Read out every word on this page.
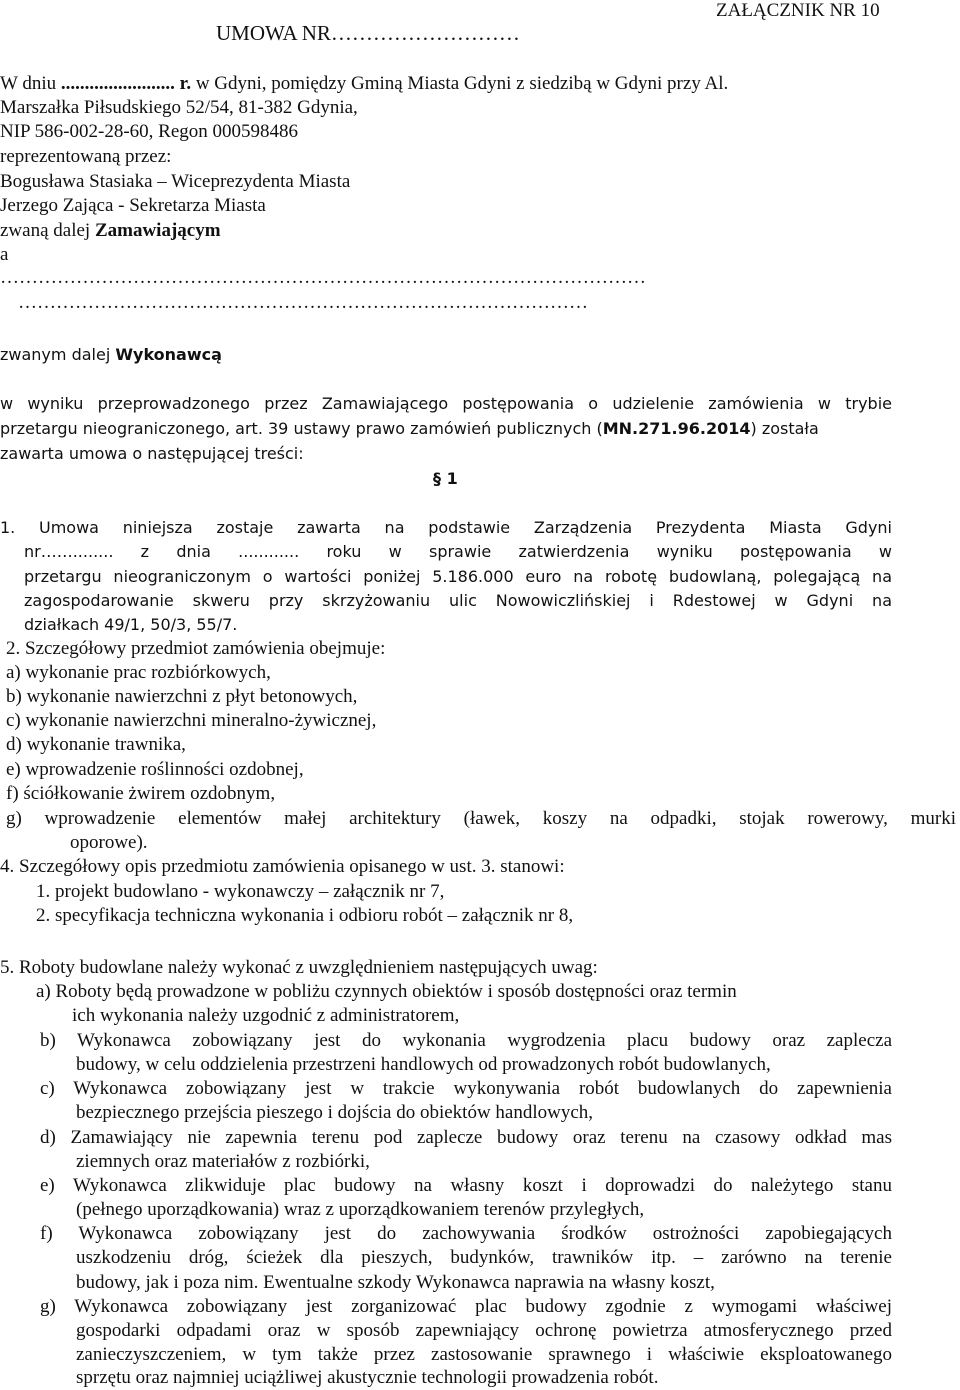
UMOWA NR………………………
ZAŁĄCZNIK NR 10
W dniu ........................ r. w Gdyni, pomiędzy Gminą Miasta Gdyni z siedzibą w Gdyni przy Al.
Marszałka Piłsudskiego 52/54, 81-382 Gdynia,
NIP 586-002-28-60, Regon 000598486
reprezentowaną przez:
Bogusława Stasiaka – Wiceprezydenta Miasta
Jerzego Zająca - Sekretarza Miasta
zwaną dalej Zamawiającym
a
…………………………………………………………………………………………
………………………………………………………………………………
zwanym dalej Wykonawcą
w wyniku przeprowadzonego przez Zamawiającego postępowania o udzielenie zamówienia w trybie
przetargu nieograniczonego, art. 39 ustawy prawo zamówień publicznych (MN.271.96.2014) została
zawarta umowa o następującej treści:
§ 1
1. Umowa niniejsza zostaje zawarta na podstawie Zarządzenia Prezydenta Miasta Gdyni
nr……........ z dnia ............ roku w sprawie zatwierdzenia wyniku postępowania w
przetargu nieograniczonym o wartości poniżej 5.186.000 euro na robotę budowlaną, polegającą na
zagospodarowanie skweru przy skrzyżowaniu ulic Nowowiczlińskiej i Rdestowej w Gdyni na
działkach 49/1, 50/3, 55/7.
2. Szczegółowy przedmiot zamówienia obejmuje:
a) wykonanie prac rozbiórkowych,
b) wykonanie nawierzchni z płyt betonowych,
c) wykonanie nawierzchni mineralno-żywicznej,
d) wykonanie trawnika,
e) wprowadzenie roślinności ozdobnej,
f) ściółkowanie żwirem ozdobnym,
g) wprowadzenie elementów małej architektury (ławek, koszy na odpadki, stojak rowerowy, murki
oporowe).
4. Szczegółowy opis przedmiotu zamówienia opisanego w ust. 3. stanowi:
1. projekt budowlano - wykonawczy – załącznik nr 7,
2. specyfikacja techniczna wykonania i odbioru robót – załącznik nr 8,
5. Roboty budowlane należy wykonać z uwzględnieniem następujących uwag:
a) Roboty będą prowadzone w pobliżu czynnych obiektów i sposób dostępności oraz termin
ich wykonania należy uzgodnić z administratorem,
b) Wykonawca zobowiązany jest do wykonania wygrodzenia placu budowy oraz zaplecza
budowy, w celu oddzielenia przestrzeni handlowych od prowadzonych robót budowlanych,
c) Wykonawca zobowiązany jest w trakcie wykonywania robót budowlanych do zapewnienia
bezpiecznego przejścia pieszego i dojścia do obiektów handlowych,
d) Zamawiający nie zapewnia terenu pod zaplecze budowy oraz terenu na czasowy odkład mas
ziemnych oraz materiałów z rozbiórki,
e) Wykonawca zlikwiduje plac budowy na własny koszt i doprowadzi do należytego stanu
(pełnego uporządkowania) wraz z uporządkowaniem terenów przyległych,
f) Wykonawca zobowiązany jest do zachowywania środków ostrożności zapobiegających
uszkodzeniu dróg, ścieżek dla pieszych, budynków, trawników itp. – zarówno na terenie
budowy, jak i poza nim. Ewentualne szkody Wykonawca naprawia na własny koszt,
g) Wykonawca zobowiązany jest zorganizować plac budowy zgodnie z wymogami właściwej
gospodarki odpadami oraz w sposób zapewniający ochronę powietrza atmosferycznego przed
zanieczyszczeniem, w tym także przez zastosowanie sprawnego i właściwie eksploatowanego
sprzętu oraz najmniej uciążliwej akustycznie technologii prowadzenia robót.
